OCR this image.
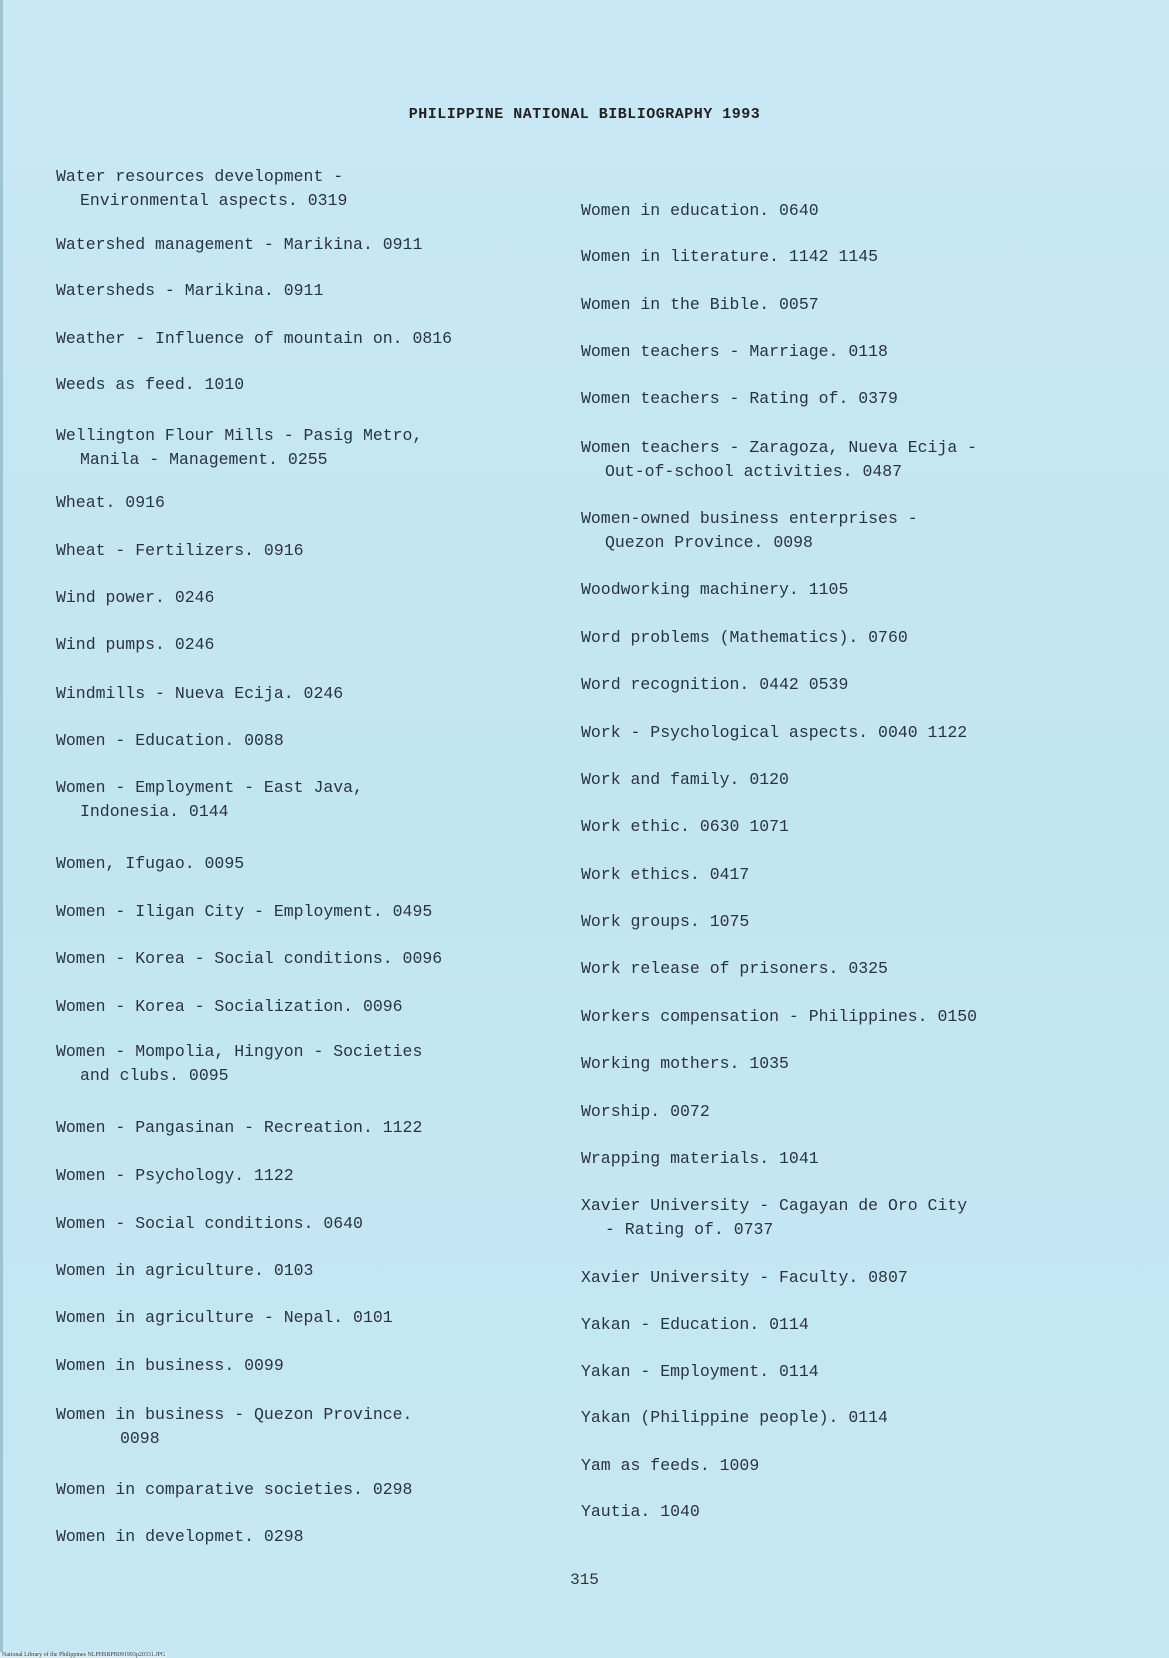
PHILIPPINE NATIONAL BIBLIOGRAPHY 1993
Water resources development -
Environmental aspects. 0319
Watershed management - Marikina. 0911
Watersheds - Marikina. 0911
Weather - Influence of mountain on. 0816
Weeds as feed. 1010
Wellington Flour Mills - Pasig Metro,
Manila - Management. 0255
Wheat. 0916
Wheat - Fertilizers. 0916
Wind power. 0246
Wind pumps. 0246
Windmills - Nueva Ecija. 0246
Women - Education. 0088
Women - Employment - East Java,
Indonesia. 0144
Women, Ifugao. 0095
Women - Iligan City - Employment. 0495
Women - Korea - Social conditions. 0096
Women - Korea - Socialization. 0096
Women - Mompolia, Hingyon - Societies
and clubs. 0095
Women - Pangasinan - Recreation. 1122
Women - Psychology. 1122
Women - Social conditions. 0640
Women in agriculture. 0103
Women in agriculture - Nepal. 0101
Women in business. 0099
Women in business - Quezon Province.
0098
Women in comparative societies. 0298
Women in developmet. 0298
Women in education. 0640
Women in literature. 1142 1145
Women in the Bible. 0057
Women teachers - Marriage. 0118
Women teachers - Rating of. 0379
Women teachers - Zaragoza, Nueva Ecija -
Out-of-school activities. 0487
Women-owned business enterprises -
Quezon Province. 0098
Woodworking machinery. 1105
Word problems (Mathematics). 0760
Word recognition. 0442 0539
Work - Psychological aspects. 0040 1122
Work and family. 0120
Work ethic. 0630 1071
Work ethics. 0417
Work groups. 1075
Work release of prisoners. 0325
Workers compensation - Philippines. 0150
Working mothers. 1035
Worship. 0072
Wrapping materials. 1041
Xavier University - Cagayan de Oro City
- Rating of. 0737
Xavier University - Faculty. 0807
Yakan - Education. 0114
Yakan - Employment. 0114
Yakan (Philippine people). 0114
Yam as feeds. 1009
Yautia. 1040
315
National Library of the Philippines NLPHSRPB091993p20331.JPG
